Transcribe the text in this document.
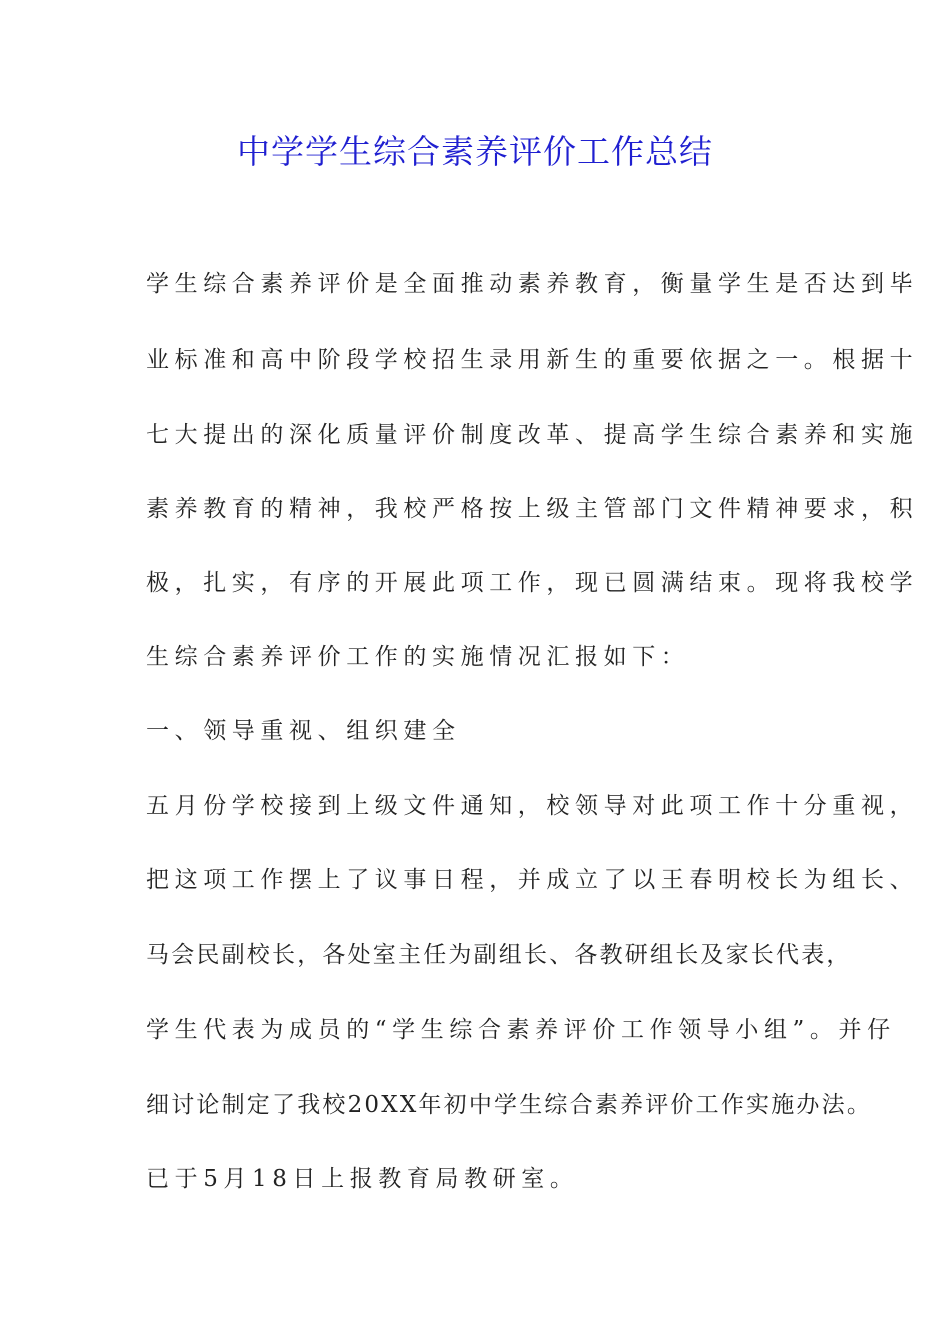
中学学生综合素养评价工作总结
学生综合素养评价是全面推动素养教育，衡量学生是否达到毕
业标准和高中阶段学校招生录用新生的重要依据之一。根据十
七大提出的深化质量评价制度改革、提高学生综合素养和实施
素养教育的精神，我校严格按上级主管部门文件精神要求，积
极，扎实，有序的开展此项工作，现已圆满结束。现将我校学
生综合素养评价工作的实施情况汇报如下：
一、领导重视、组织建全
五月份学校接到上级文件通知，校领导对此项工作十分重视，
把这项工作摆上了议事日程，并成立了以王春明校长为组长、
马会民副校长，各处室主任为副组长、各教研组长及家长代表，
学生代表为成员的“学生综合素养评价工作领导小组”。并仔
细讨论制定了我校20XX年初中学生综合素养评价工作实施办法。
已于5月18日上报教育局教研室。
